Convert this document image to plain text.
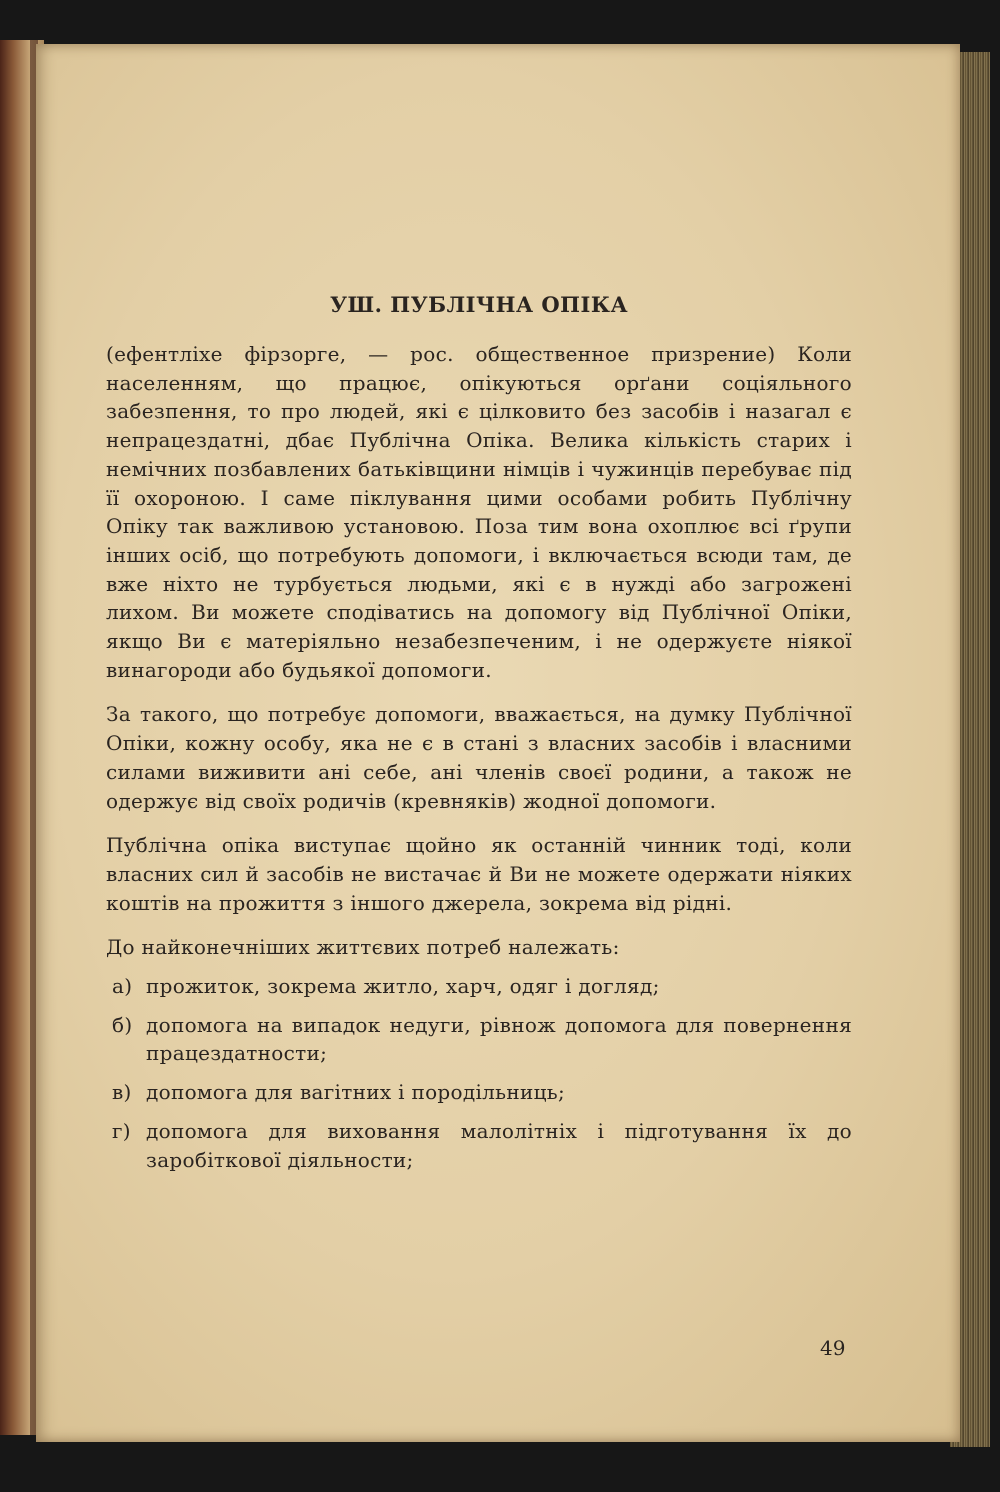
УШ. ПУБЛІЧНА ОПІКА

(ефентліхе фірзорге, — рос. общественное призрение) Коли населенням, що працює, опікуються орґани соціяльного забезпення, то про людей, які є цілковито без засобів і назагал є непрацездатні, дбає Публічна Опіка. Велика кількість старих і немічних позбавлених батьківщини німців і чужинців перебуває під її охороною. І саме піклування цими особами робить Публічну Опіку так важливою установою. Поза тим вона охоплює всі ґрупи інших осіб, що потребують допомоги, і включається всюди там, де вже ніхто не турбується людьми, які є в нужді або загрожені лихом. Ви можете сподіватись на допомогу від Публічної Опіки, якщо Ви є матеріяльно незабезпеченим, і не одержуєте ніякої винагороди або будьякої допомоги.

За такого, що потребує допомоги, вважається, на думку Публічної Опіки, кожну особу, яка не є в стані з власних засобів і власними силами виживити ані себе, ані членів своєї родини, а також не одержує від своїх родичів (кревняків) жодної допомоги.

Публічна опіка виступає щойно як останній чинник тоді, коли власних сил й засобів не вистачає й Ви не можете одержати ніяких коштів на прожиття з іншого джерела, зокрема від рідні.

До найконечніших життєвих потреб належать:

а) прожиток, зокрема житло, харч, одяг і догляд;
б) допомога на випадок недуги, рівнож допомога для повернення працездатности;
в) допомога для вагітних і породільниць;
г) допомога для виховання малолітніх і підготування їх до заробіткової діяльности;
49
